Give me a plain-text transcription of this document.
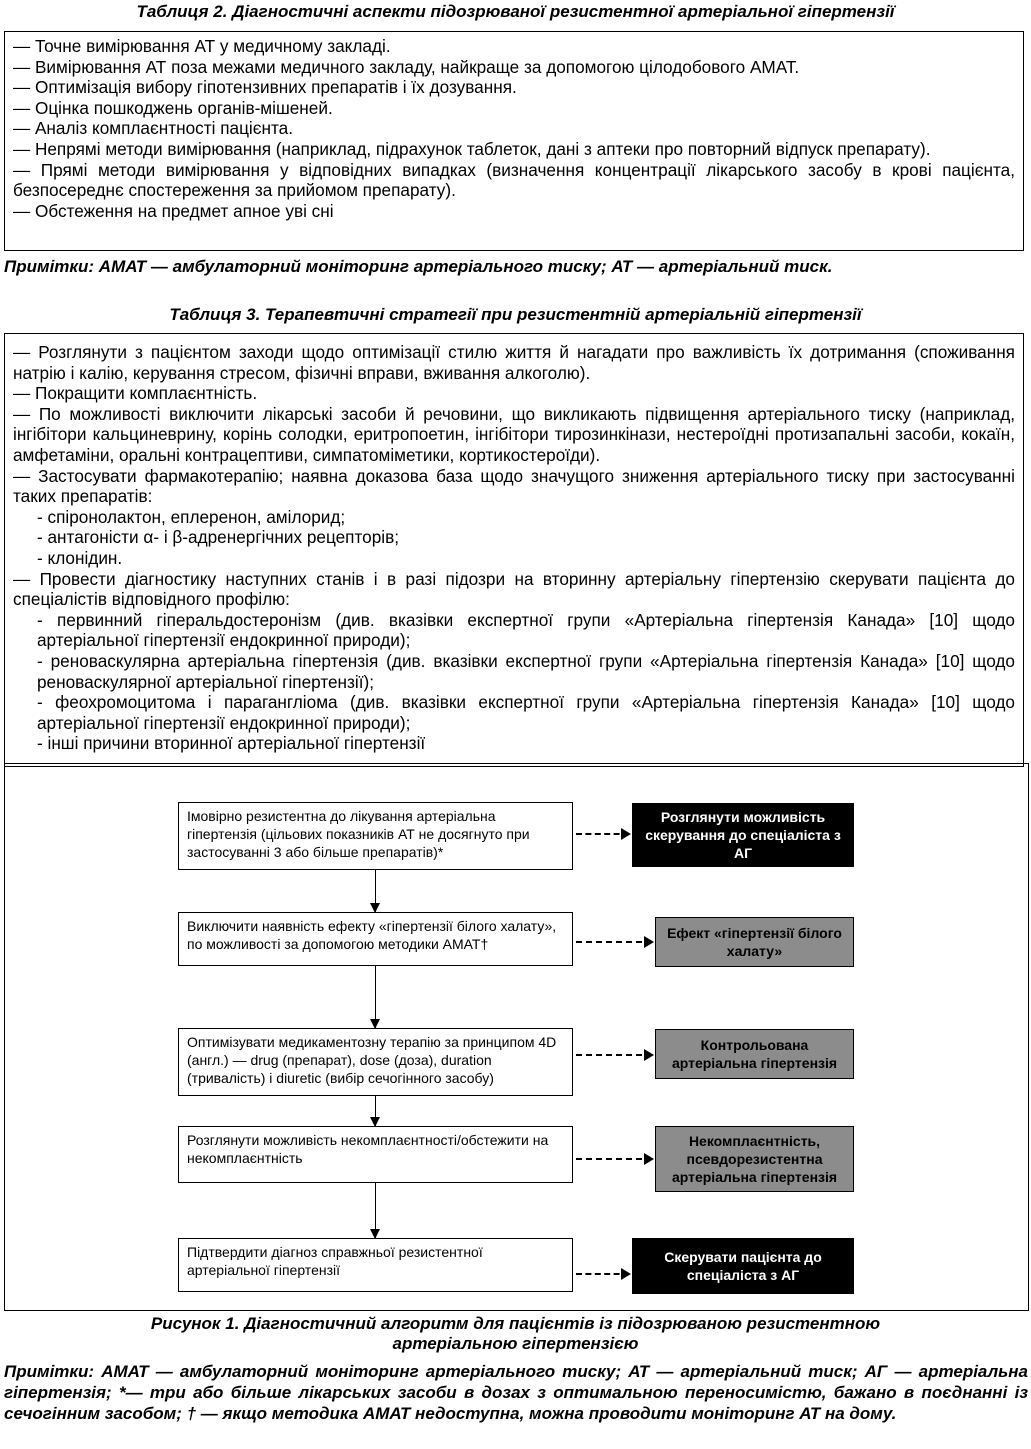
Таблиця 2. Діагностичні аспекти підозрюваної резистентної артеріальної гіпертензії

— Точне вимірювання АТ у медичному закладі.

— Вимірювання АТ поза межами медичного закладу, найкраще за допомогою цілодобового АМАТ.

— Оптимізація вибору гіпотензивних препаратів і їх дозування.

— Оцінка пошкоджень органів-мішеней.

— Аналіз комплаєнтності пацієнта.

— Непрямі методи вимірювання (наприклад, підрахунок таблеток, дані з аптеки про повторний відпуск препарату).

— Прямі методи вимірювання у відповідних випадках (визначення концентрації лікарського засобу в крові пацієнта, безпосереднє спостереження за прийомом препарату).

— Обстеження на предмет апное уві сні

Примітки: АМАТ — амбулаторний моніторинг артеріального тиску; АТ — артеріальний тиск.
Таблиця 3. Терапевтичні стратегії при резистентній артеріальній гіпертензії

— Розглянути з пацієнтом заходи щодо оптимізації стилю життя й нагадати про важливість їх дотримання (споживання натрію і калію, керування стресом, фізичні вправи, вживання алкоголю).

— Покращити комплаєнтність.

— По можливості виключити лікарські засоби й речовини, що викликають підвищення артеріального тиску (наприклад, інгібітори кальциневрину, корінь солодки, еритропоетин, інгібітори тирозинкінази, нестероїдні протизапальні засоби, кокаїн, амфетаміни, оральні контрацептиви, симпатоміметики, кортикостероїди).

— Застосувати фармакотерапію; наявна доказова база щодо значущого зниження артеріального тиску при застосуванні таких препаратів:

- спіронолактон, еплеренон, амілорид;

- антагоністи α- і β-адренергічних рецепторів;

- клонідин.

— Провести діагностику наступних станів і в разі підозри на вторинну артеріальну гіпертензію скерувати пацієнта до спеціалістів відповідного профілю:

- первинний гіперальдостеронізм (див. вказівки експертної групи «Артеріальна гіпертензія Канада» [10] щодо артеріальної гіпертензії ендокринної природи);

- реноваскулярна артеріальна гіпертензія (див. вказівки експертної групи «Артеріальна гіпертензія Канада» [10] щодо реноваскулярної артеріальної гіпертензії);

- феохромоцитома і парагангліома (див. вказівки експертної групи «Артеріальна гіпертензія Канада» [10] щодо артеріальної гіпертензії ендокринної природи);

- інші причини вторинної артеріальної гіпертензії

Імовірно резистентна до лікування артеріальна гіпертензія (цільових показників АТ не досягнуто при застосуванні 3 або більше препаратів)*
Виключити наявність ефекту «гіпертензії білого халату», по можливості за допомогою методики АМАТ†
Оптимізувати медикаментозну терапію за принципом 4D (англ.) — drug (препарат), dose (доза), duration (тривалість) і diuretic (вибір сечогінного засобу)
Розглянути можливість некомплаєнтності/обстежити на некомплаєнтність
Підтвердити діагноз справжньої резистентної артеріальної гіпертензії
Розглянути можливість скерування до спеціаліста з АГ
Ефект «гіпертензії білого халату»
Контрольована артеріальна гіпертензія
Некомплаєнтність, псевдорезистентна артеріальна гіпертензія
Скерувати пацієнта до спеціаліста з АГ
Рисунок 1. Діагностичний алгоритм для пацієнтів із підозрюваною резистентною артеріальною гіпертензією
Примітки: АМАТ — амбулаторний моніторинг артеріального тиску; АТ — артеріальний тиск; АГ — артеріальна гіпертензія; *— три або більше лікарських засоби в дозах з оптимальною переносимістю, бажано в поєднанні із сечогінним засобом; † — якщо методика АМАТ недоступна, можна проводити моніторинг АТ на дому.
